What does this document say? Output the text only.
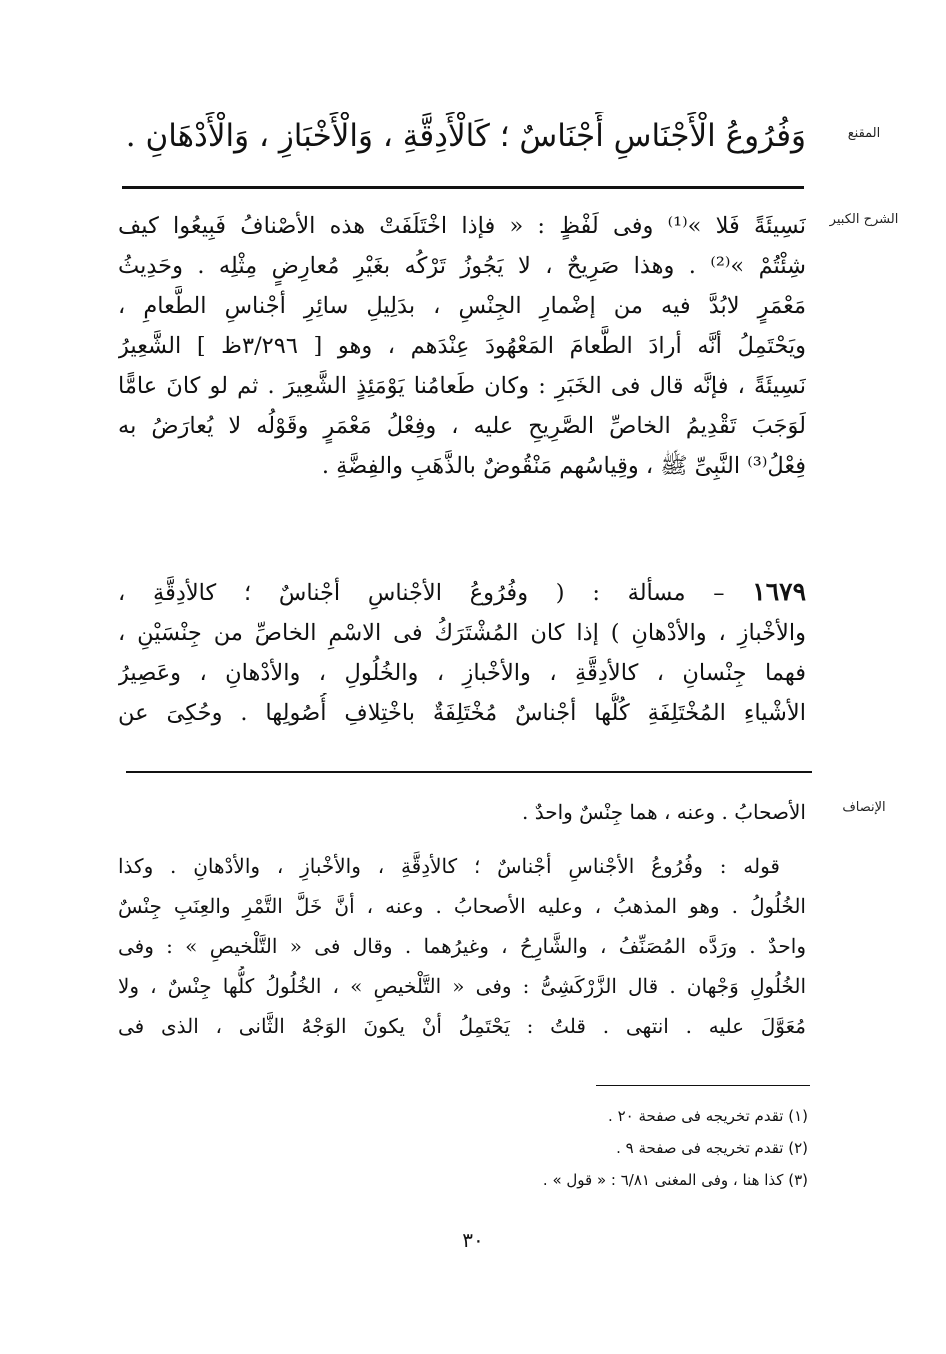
المقنع
وَفُرُوعُ الْأَجْنَاسِ أَجْنَاسٌ ؛ كَالْأَدِقَّةِ ، وَالْأَخْبَازِ ، وَالْأَدْهَانِ .
الشرح الكبير
نَسِيئَةً فَلا »⁽¹⁾ وفى لَفْظٍ : « فإذا اخْتَلَفَتْ هذه الأصْنافُ فَبِيعُوا كيف
شِئْتُمْ »⁽²⁾ . وهذا صَرِيحٌ ، لا يَجُوزُ تَرْكُه بغَيْرِ مُعارِضٍ مِثْلِه . وحَدِيثُ
مَعْمَرٍ لابُدَّ فيه من إضْمارِ الجِنْسِ ، بدَلِيلِ سائِرِ أجْناسِ الطَّعامِ ،
ويَحْتَمِلُ أنَّه أرادَ الطَّعامَ المَعْهُودَ عِنْدَهم ، وهو [ ٣/٢٩٦ظ ] الشَّعِيرُ
نَسِيئَةً ، فإنَّه قال فى الخَبَرِ : وكان طَعامُنا يَوْمَئِذٍ الشَّعِيرَ . ثم لو كانَ عامًّا
لَوَجَبَ تَقْدِيمُ الخاصِّ الصَّرِيحِ عليه ، وفِعْلُ مَعْمَرٍ وقَوْلُه لا يُعارَضُ به
فِعْلُ⁽³⁾ النَّبِىِّ ﷺ ، وقِياسُهم مَنْقُوضٌ بالذَّهَبِ والفِضَّةِ .
١٦٧٩ – مسألة : ( وفُرُوعُ الأجْناسِ أجْناسٌ ؛ كالأدِقَّةِ ،
والأخْبازِ ، والأدْهانِ ) إذا كان المُشْتَرَكُ فى الاسْمِ الخاصِّ من جِنْسَيْنِ ،
فهما جِنْسانِ ، كالأدِقَّةِ ، والأخْبازِ ، والخُلُولِ ، والأدْهانِ ، وعَصِيرُ
الأشْياءِ المُخْتَلِفَةِ كُلُّها أجْناسٌ مُخْتَلِفَةٌ باخْتِلافِ أُصُولِها . وحُكِىَ عن
الإنصاف
الأصحابُ . وعنه ، هما جِنْسٌ واحدٌ .
قوله : وفُرُوعُ الأجْناسِ أجْناسٌ ؛ كالأدِقَّةِ ، والأخْبازِ ، والأدْهانِ . وكذا
الخُلُولُ . وهو المذهبُ ، وعليه الأصحابُ . وعنه ، أنَّ خَلَّ التَّمْرِ والعِنَبِ جِنْسٌ
واحدٌ . ورَدَّه المُصَنِّفُ ، والشَّارِحُ ، وغيرُهما . وقال فى « التَّلْخيصِ » : وفى
الخُلُولِ وَجْهان . قال الزَّرْكَشِىُّ : وفى « التَّلْخيصِ » ، الخُلُولُ كلُّها جِنْسٌ ، ولا
مُعَوَّلَ عليه . انتهى . قلتُ : يَحْتَمِلُ أنْ يكونَ الوَجْهُ الثَّانى ، الذى فى
(١) تقدم تخريجه فى صفحة ٢٠ .
(٢) تقدم تخريجه فى صفحة ٩ .
(٣) كذا هنا ، وفى المغنى ٦/٨١ : « قول » .
٣٠
